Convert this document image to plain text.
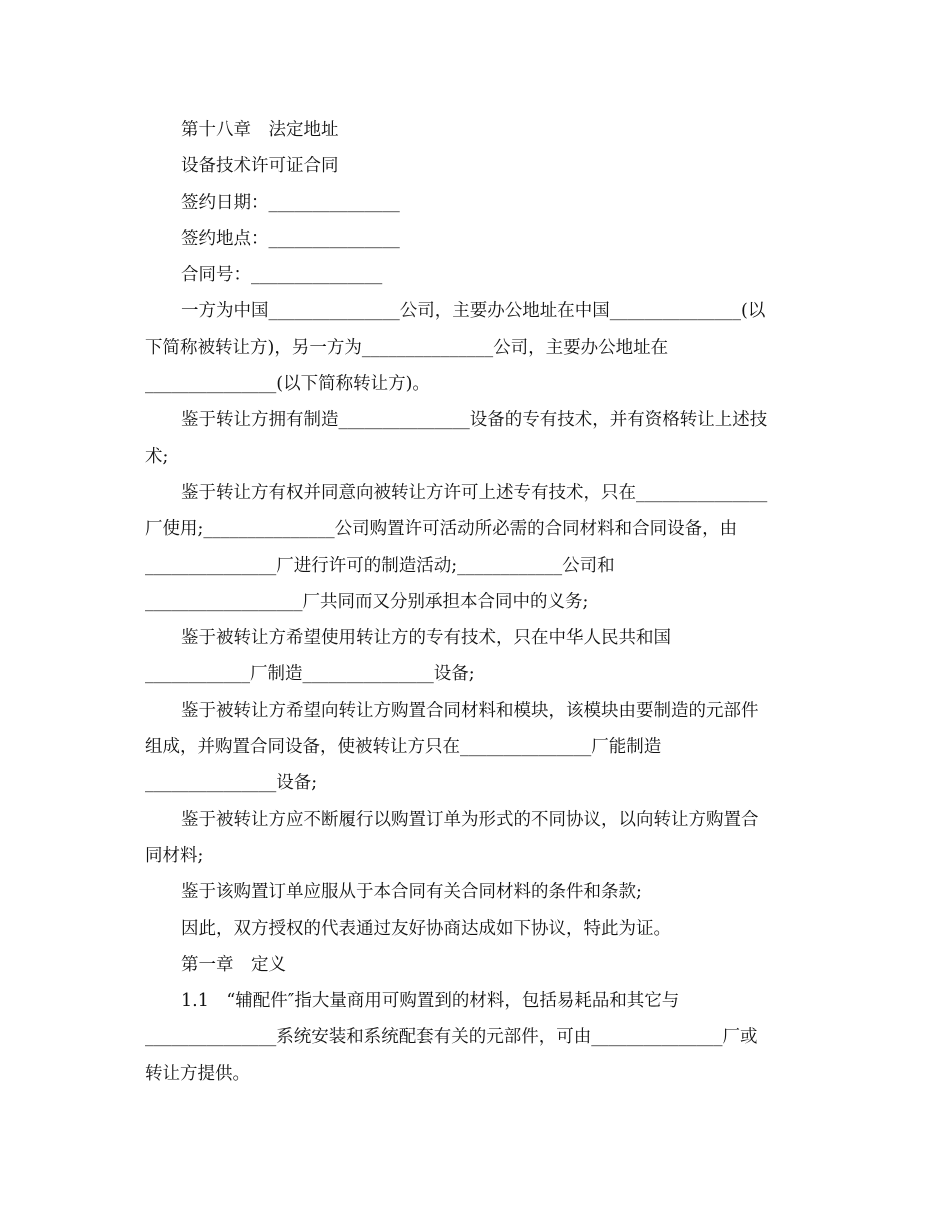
第十八章　法定地址

设备技术许可证合同

签约日期：_______________

签约地点：_______________

合同号：_______________

一方为中国_______________公司，主要办公地址在中国_______________(以

下简称被转让方)，另一方为_______________公司，主要办公地址在

_______________(以下简称转让方)。

鉴于转让方拥有制造_______________设备的专有技术，并有资格转让上述技

术;

鉴于转让方有权并同意向被转让方许可上述专有技术，只在_______________

厂使用;_______________公司购置许可活动所必需的合同材料和合同设备，由

_______________厂进行许可的制造活动;____________公司和

__________________厂共同而又分别承担本合同中的义务;

鉴于被转让方希望使用转让方的专有技术，只在中华人民共和国

____________厂制造_______________设备;

鉴于被转让方希望向转让方购置合同材料和模块，该模块由要制造的元部件

组成，并购置合同设备，使被转让方只在_______________厂能制造

_______________设备;

鉴于被转让方应不断履行以购置订单为形式的不同协议，以向转让方购置合

同材料;

鉴于该购置订单应服从于本合同有关合同材料的条件和条款;

因此，双方授权的代表通过友好协商达成如下协议，特此为证。

第一章　定义

1.1　“辅配件″指大量商用可购置到的材料，包括易耗品和其它与

_______________系统安装和系统配套有关的元部件，可由_______________厂或

转让方提供。
